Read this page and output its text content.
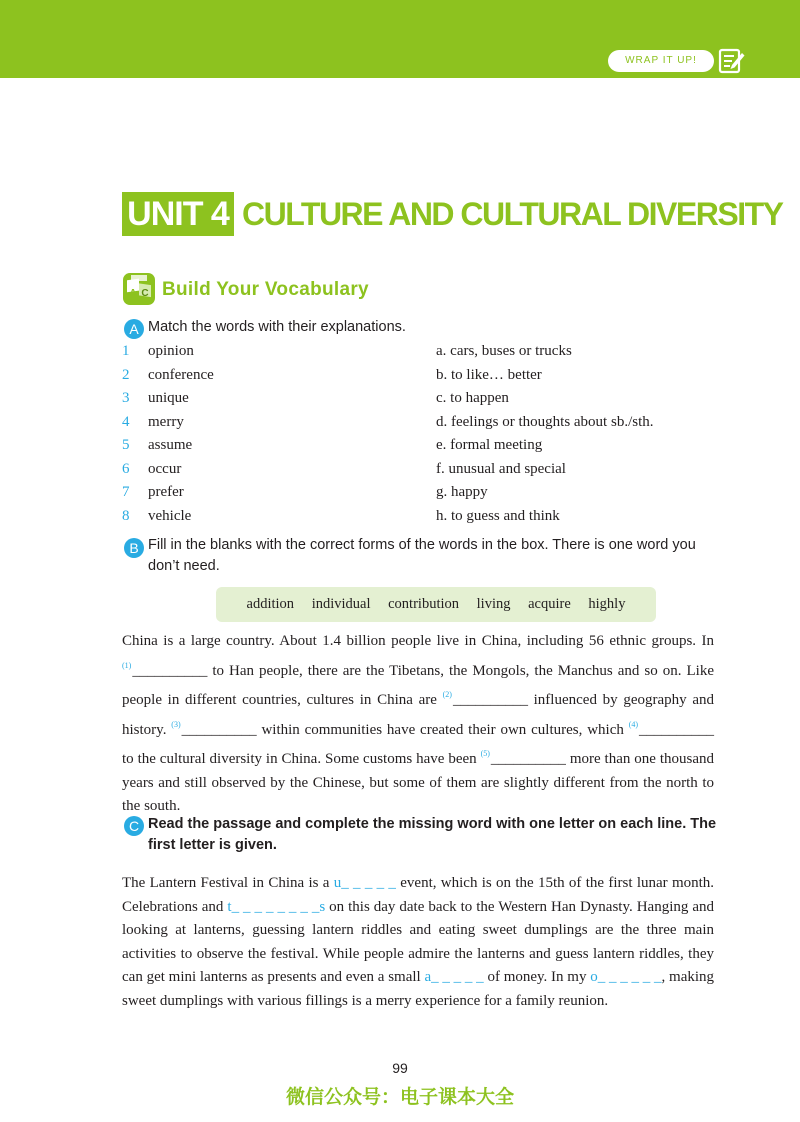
WRAP IT UP!
UNIT 4 CULTURE AND CULTURAL DIVERSITY
A C Build Your Vocabulary
A Match the words with their explanations.
1 opinion	a. cars, buses or trucks
2 conference	b. to like… better
3 unique	c. to happen
4 merry	d. feelings or thoughts about sb./sth.
5 assume	e. formal meeting
6 occur	f. unusual and special
7 prefer	g. happy
8 vehicle	h. to guess and think
B Fill in the blanks with the correct forms of the words in the box. There is one word you don’t need.
addition individual contribution living acquire highly
China is a large country. About 1.4 billion people live in China, including 56 ethnic groups. In $^{(1)}$__________ to Han people, there are the Tibetans, the Mongols, the Manchus and so on. Like people in different countries, cultures in China are $^{(2)}$__________ influenced by geography and history. $^{(3)}$__________ within communities have created their own cultures, which $^{(4)}$__________ to the cultural diversity in China. Some customs have been $^{(5)}$__________ more than one thousand years and still observed by the Chinese, but some of them are slightly different from the north to the south.
C Read the passage and complete the missing word with one letter on each line. The first letter is given.
The Lantern Festival in China is a u_ _ _ _ _ event, which is on the 15th of the first lunar month. Celebrations and t_ _ _ _ _ _ _ _s on this day date back to the Western Han Dynasty. Hanging and looking at lanterns, guessing lantern riddles and eating sweet dumplings are the three main activities to observe the festival. While people admire the lanterns and guess lantern riddles, they can get mini lanterns as presents and even a small a_ _ _ _ _ of money. In my o_ _ _ _ _ _, making sweet dumplings with various fillings is a merry experience for a family reunion.
99
微信公众号：电子课本大全
